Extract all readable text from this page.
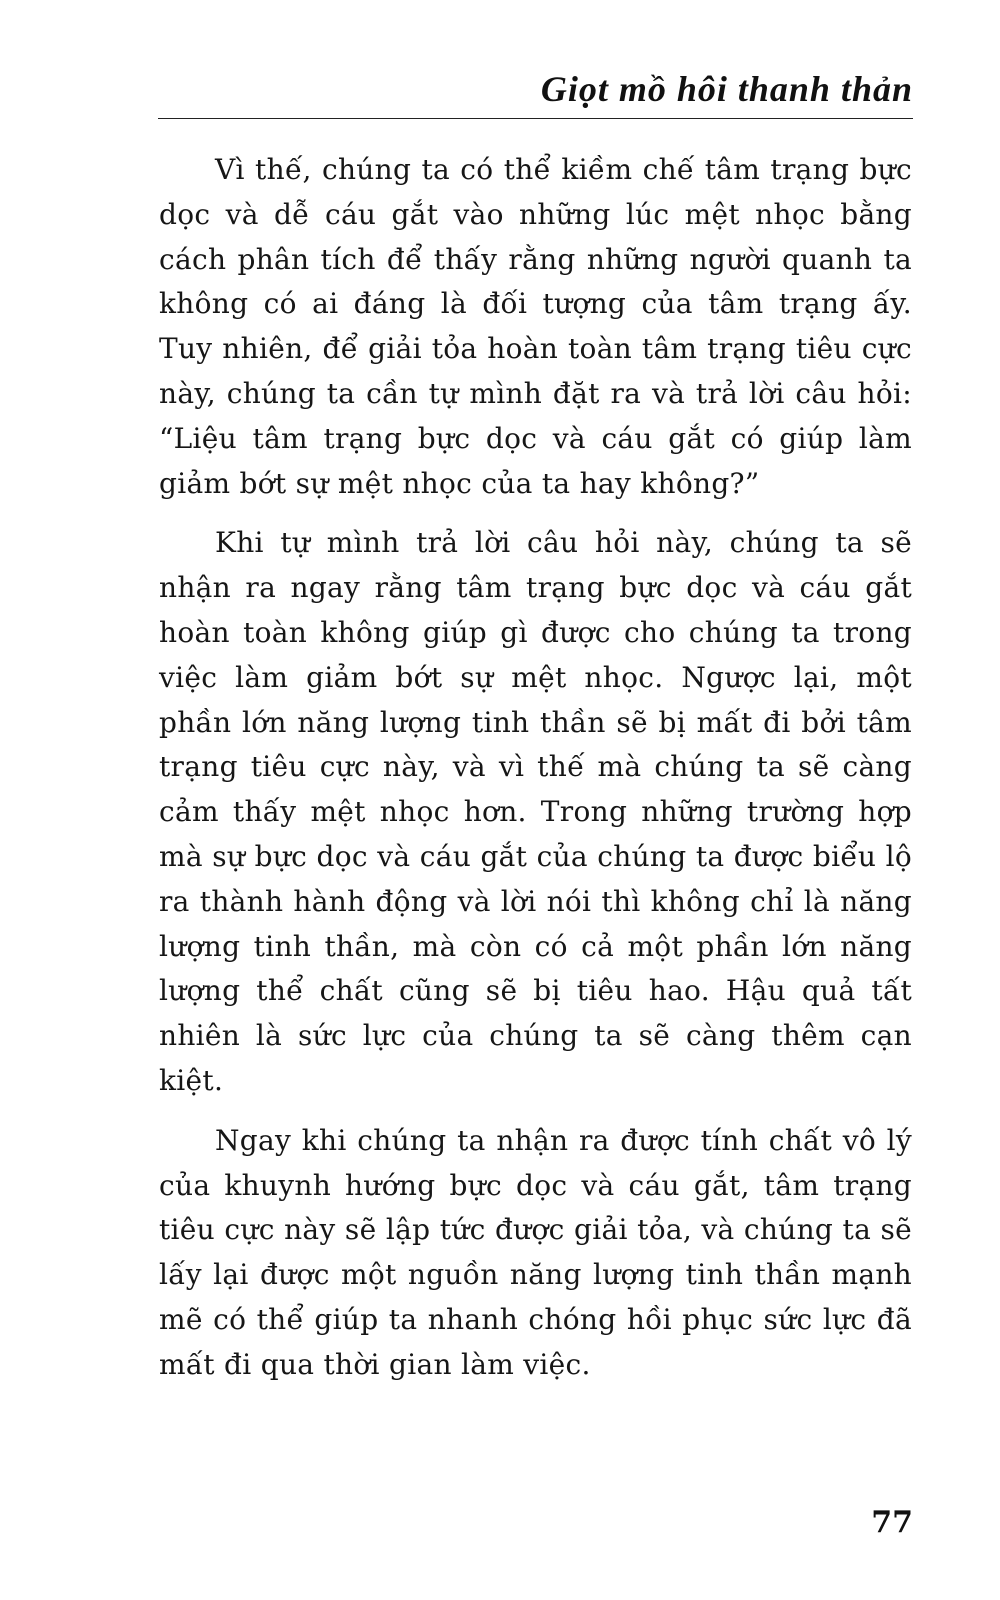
Giọt mồ hôi thanh thản

Vì thế, chúng ta có thể kiềm chế tâm trạng bực dọc và dễ cáu gắt vào những lúc mệt nhọc bằng cách phân tích để thấy rằng những người quanh ta không có ai đáng là đối tượng của tâm trạng ấy. Tuy nhiên, để giải tỏa hoàn toàn tâm trạng tiêu cực này, chúng ta cần tự mình đặt ra và trả lời câu hỏi: “Liệu tâm trạng bực dọc và cáu gắt có giúp làm giảm bớt sự mệt nhọc của ta hay không?”

Khi tự mình trả lời câu hỏi này, chúng ta sẽ nhận ra ngay rằng tâm trạng bực dọc và cáu gắt hoàn toàn không giúp gì được cho chúng ta trong việc làm giảm bớt sự mệt nhọc. Ngược lại, một phần lớn năng lượng tinh thần sẽ bị mất đi bởi tâm trạng tiêu cực này, và vì thế mà chúng ta sẽ càng cảm thấy mệt nhọc hơn. Trong những trường hợp mà sự bực dọc và cáu gắt của chúng ta được biểu lộ ra thành hành động và lời nói thì không chỉ là năng lượng tinh thần, mà còn có cả một phần lớn năng lượng thể chất cũng sẽ bị tiêu hao. Hậu quả tất nhiên là sức lực của chúng ta sẽ càng thêm cạn kiệt.

Ngay khi chúng ta nhận ra được tính chất vô lý của khuynh hướng bực dọc và cáu gắt, tâm trạng tiêu cực này sẽ lập tức được giải tỏa, và chúng ta sẽ lấy lại được một nguồn năng lượng tinh thần mạnh mẽ có thể giúp ta nhanh chóng hồi phục sức lực đã mất đi qua thời gian làm việc.

77
